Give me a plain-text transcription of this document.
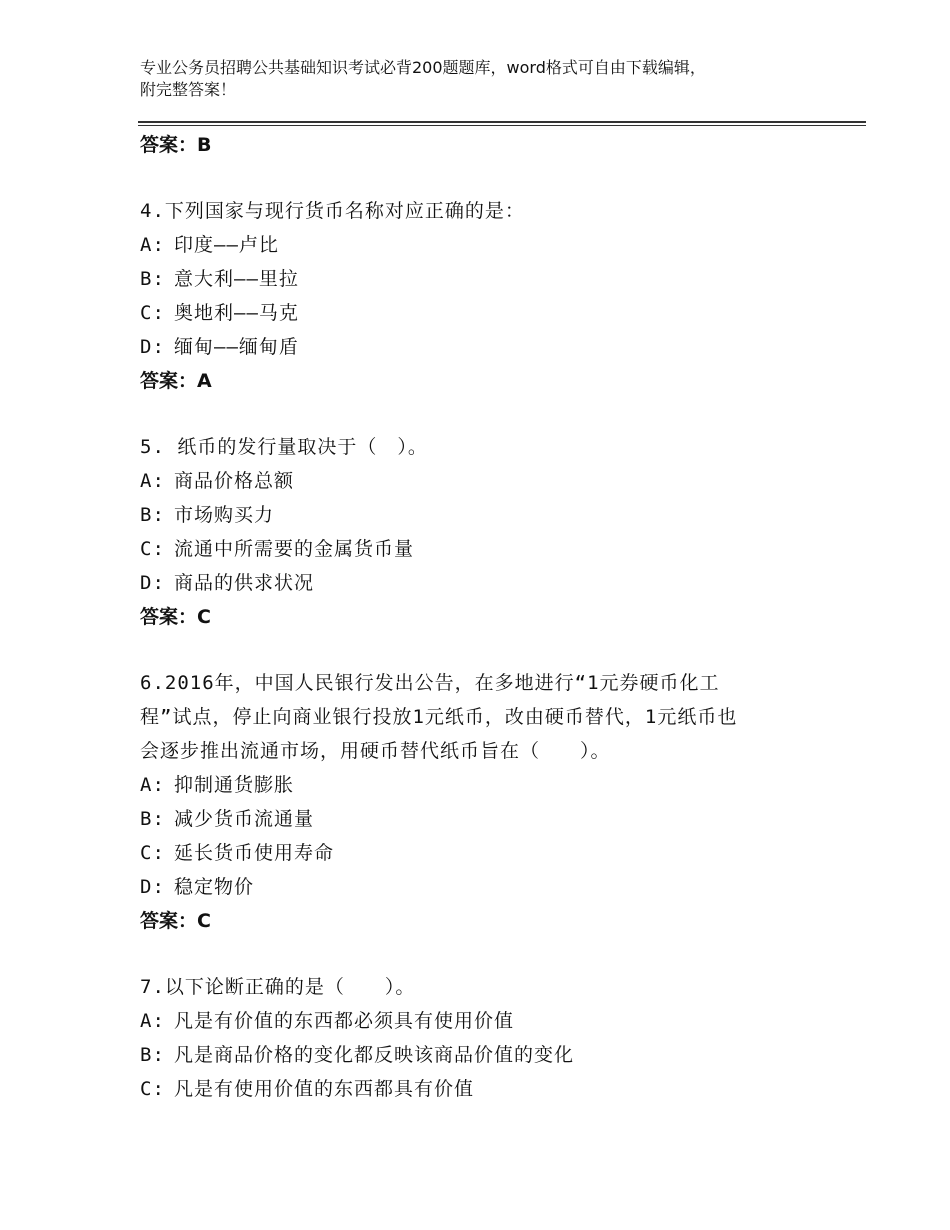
专业公务员招聘公共基础知识考试必背200题题库，word格式可自由下载编辑，
附完整答案！
答案：B
4.下列国家与现行货币名称对应正确的是：
A: 印度——卢比
B: 意大利——里拉
C: 奥地利——马克
D: 缅甸——缅甸盾
答案：A
5. 纸币的发行量取决于（　）。
A: 商品价格总额
B: 市场购买力
C: 流通中所需要的金属货币量
D: 商品的供求状况
答案：C
6.2016年，中国人民银行发出公告，在多地进行“1元券硬币化工
程”试点，停止向商业银行投放1元纸币，改由硬币替代，1元纸币也
会逐步推出流通市场，用硬币替代纸币旨在（　　）。
A: 抑制通货膨胀
B: 减少货币流通量
C: 延长货币使用寿命
D: 稳定物价
答案：C
7.以下论断正确的是（　　）。
A: 凡是有价值的东西都必须具有使用价值
B: 凡是商品价格的变化都反映该商品价值的变化
C: 凡是有使用价值的东西都具有价值
